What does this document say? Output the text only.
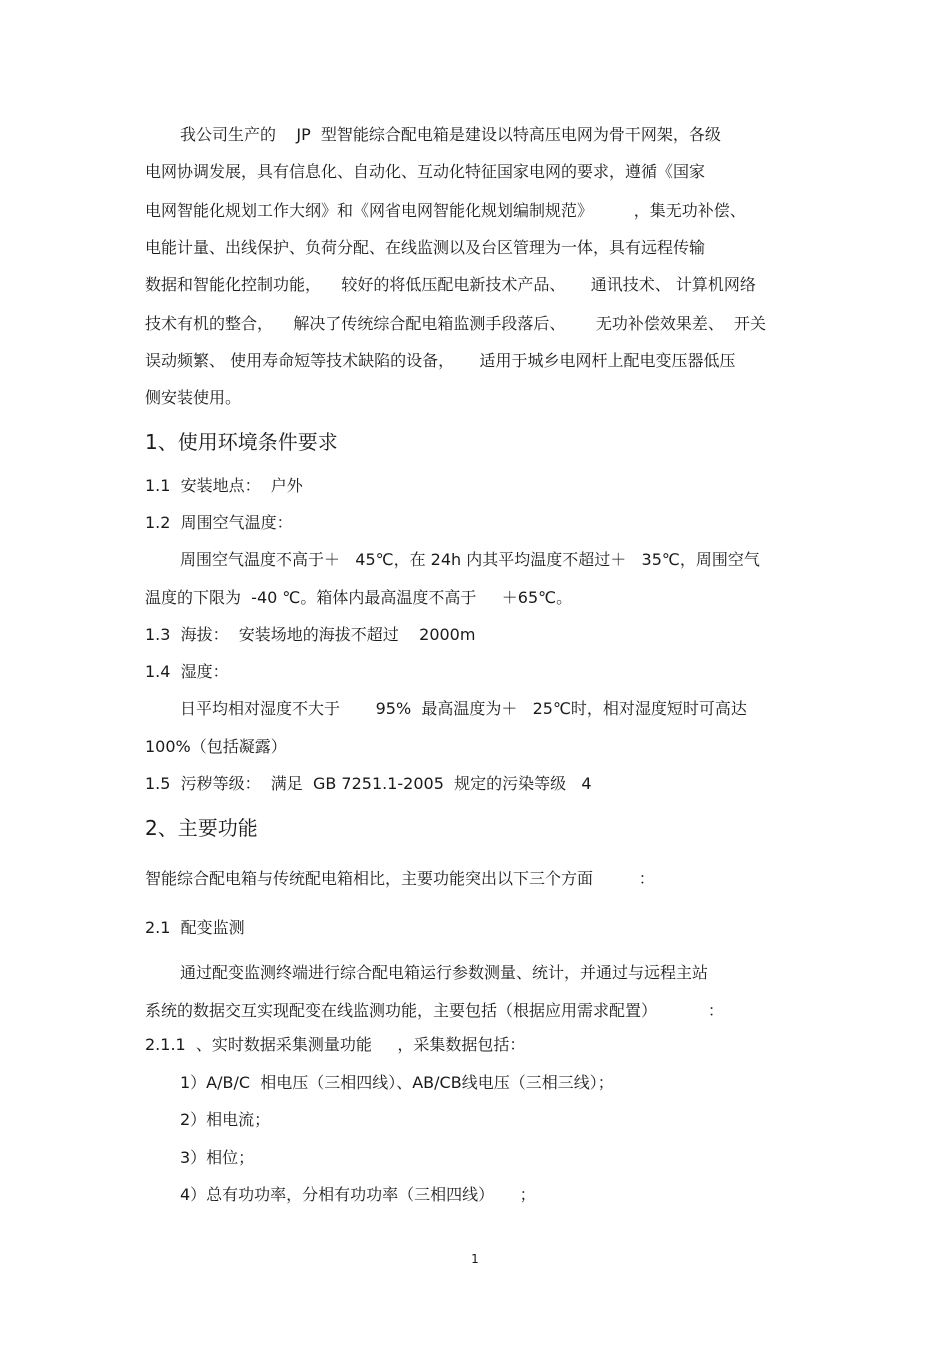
我公司生产的    JP  型智能综合配电箱是建设以特高压电网为骨干网架，各级
电网协调发展，具有信息化、自动化、互动化特征国家电网的要求，遵循《国家
电网智能化规划工作大纲》和《网省电网智能化规划编制规范》        ，集无功补偿、
电能计量、出线保护、负荷分配、在线监测以及台区管理为一体，具有远程传输
数据和智能化控制功能，    较好的将低压配电新技术产品、     通讯技术、 计算机网络
技术有机的整合，    解决了传统综合配电箱监测手段落后、      无功补偿效果差、  开关
误动频繁、 使用寿命短等技术缺陷的设备，     适用于城乡电网杆上配电变压器低压
侧安装使用。
1、使用环境条件要求
1.1  安装地点：  户外
1.2  周围空气温度：
周围空气温度不高于＋   45℃，在 24h 内其平均温度不超过＋   35℃，周围空气
温度的下限为  -40 ℃。箱体内最高温度不高于     ＋65℃。
1.3  海拔：  安装场地的海拔不超过    2000m
1.4  湿度：
日平均相对湿度不大于       95%  最高温度为＋   25℃时，相对湿度短时可高达
100%（包括凝露）
1.5  污秽等级：  满足  GB 7251.1-2005  规定的污染等级   4
2、主要功能
智能综合配电箱与传统配电箱相比，主要功能突出以下三个方面         ：
2.1  配变监测
通过配变监测终端进行综合配电箱运行参数测量、统计，并通过与远程主站
系统的数据交互实现配变在线监测功能，主要包括（根据应用需求配置）          ：
2.1.1  、实时数据采集测量功能     ，采集数据包括：
1）A/B/C  相电压（三相四线）、AB/CB线电压（三相三线）；
2）相电流；
3）相位；
4）总有功功率，分相有功功率（三相四线）     ；
1
